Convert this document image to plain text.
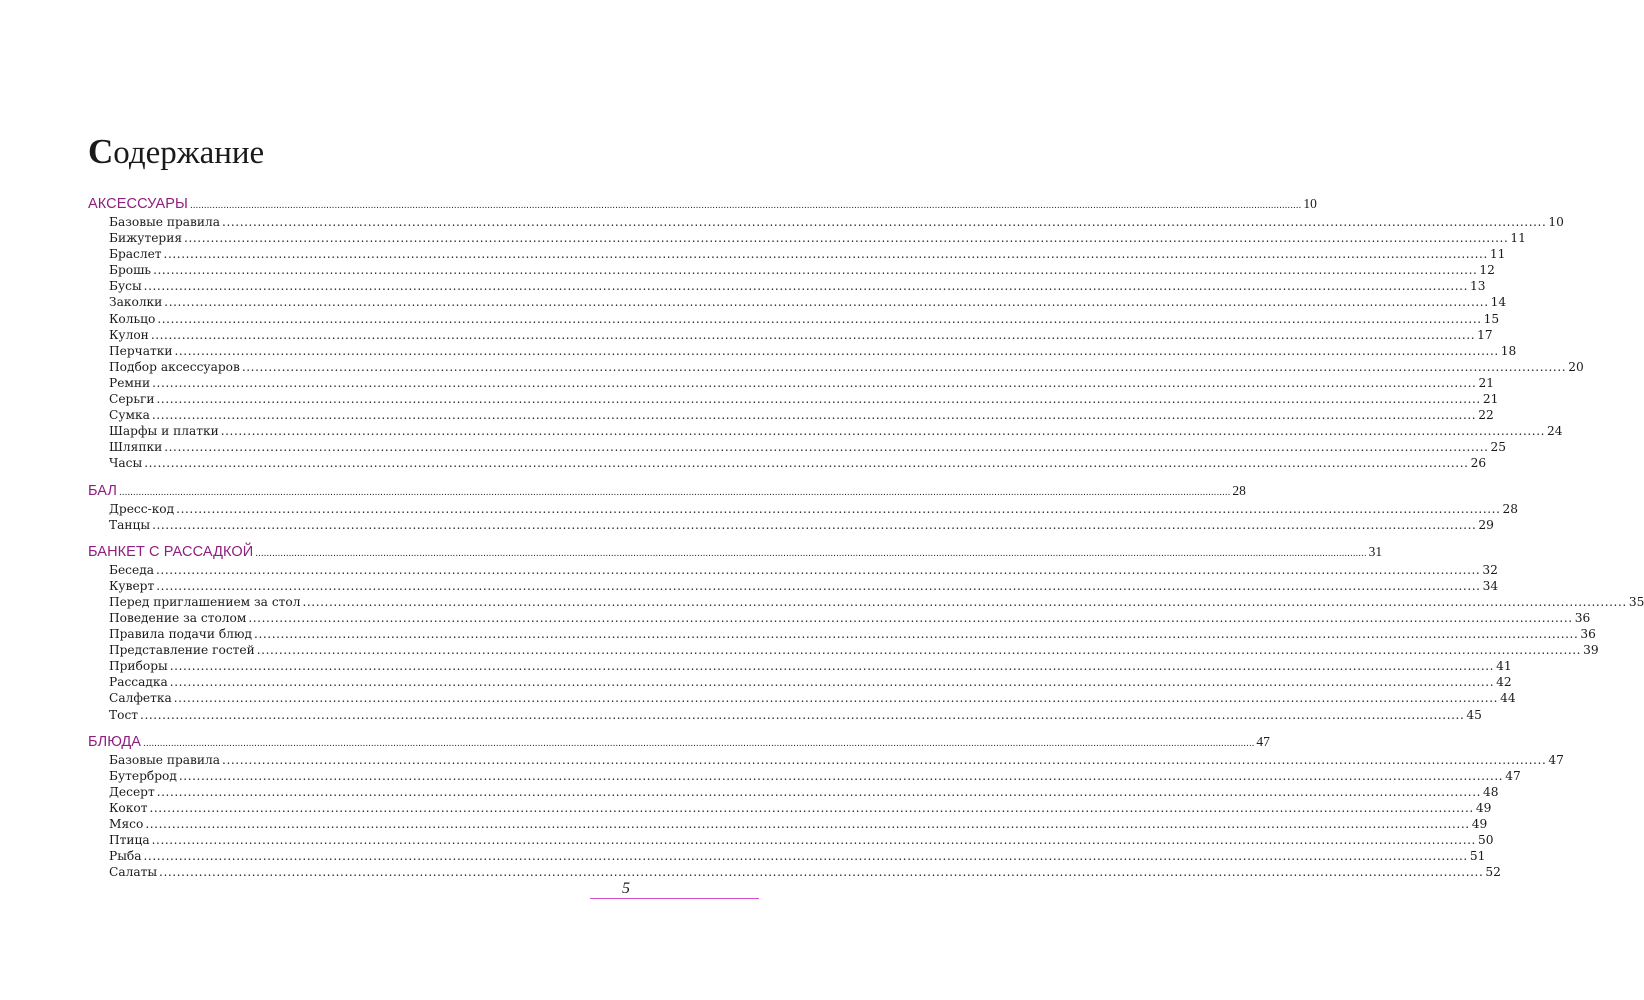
Содержание
АКСЕССУАРЫ ................................................................................................................................................................................................................................................................................................................................................................................................................ 10
Базовые правила ............................................................................................................................................................................................................................................................................................................ 10
Бижутерия ............................................................................................................................................................................................................................................................................................................ 11
Браслет ............................................................................................................................................................................................................................................................................................................ 11
Брошь ............................................................................................................................................................................................................................................................................................................ 12
Бусы ............................................................................................................................................................................................................................................................................................................ 13
Заколки ............................................................................................................................................................................................................................................................................................................ 14
Кольцо ............................................................................................................................................................................................................................................................................................................ 15
Кулон ............................................................................................................................................................................................................................................................................................................ 17
Перчатки ............................................................................................................................................................................................................................................................................................................ 18
Подбор аксессуаров ............................................................................................................................................................................................................................................................................................................ 20
Ремни ............................................................................................................................................................................................................................................................................................................ 21
Серьги ............................................................................................................................................................................................................................................................................................................ 21
Сумка ............................................................................................................................................................................................................................................................................................................ 22
Шарфы и платки ............................................................................................................................................................................................................................................................................................................ 24
Шляпки ............................................................................................................................................................................................................................................................................................................ 25
Часы ............................................................................................................................................................................................................................................................................................................ 26
БАЛ ................................................................................................................................................................................................................................................................................................................................................................................................................ 28
Дресс-код ............................................................................................................................................................................................................................................................................................................ 28
Танцы ............................................................................................................................................................................................................................................................................................................ 29
БАНКЕТ С РАССАДКОЙ ................................................................................................................................................................................................................................................................................................................................................................................................................ 31
Беседа ............................................................................................................................................................................................................................................................................................................ 32
Куверт ............................................................................................................................................................................................................................................................................................................ 34
Перед приглашением за стол ............................................................................................................................................................................................................................................................................................................ 35
Поведение за столом ............................................................................................................................................................................................................................................................................................................ 36
Правила подачи блюд ............................................................................................................................................................................................................................................................................................................ 36
Представление гостей ............................................................................................................................................................................................................................................................................................................ 39
Приборы ............................................................................................................................................................................................................................................................................................................ 41
Рассадка ............................................................................................................................................................................................................................................................................................................ 42
Салфетка ............................................................................................................................................................................................................................................................................................................ 44
Тост ............................................................................................................................................................................................................................................................................................................ 45
БЛЮДА ................................................................................................................................................................................................................................................................................................................................................................................................................ 47
Базовые правила ............................................................................................................................................................................................................................................................................................................ 47
Бутерброд ............................................................................................................................................................................................................................................................................................................ 47
Десерт ............................................................................................................................................................................................................................................................................................................ 48
Кокот ............................................................................................................................................................................................................................................................................................................ 49
Мясо ............................................................................................................................................................................................................................................................................................................ 49
Птица ............................................................................................................................................................................................................................................................................................................ 50
Рыба ............................................................................................................................................................................................................................................................................................................ 51
Салаты ............................................................................................................................................................................................................................................................................................................ 52
5
